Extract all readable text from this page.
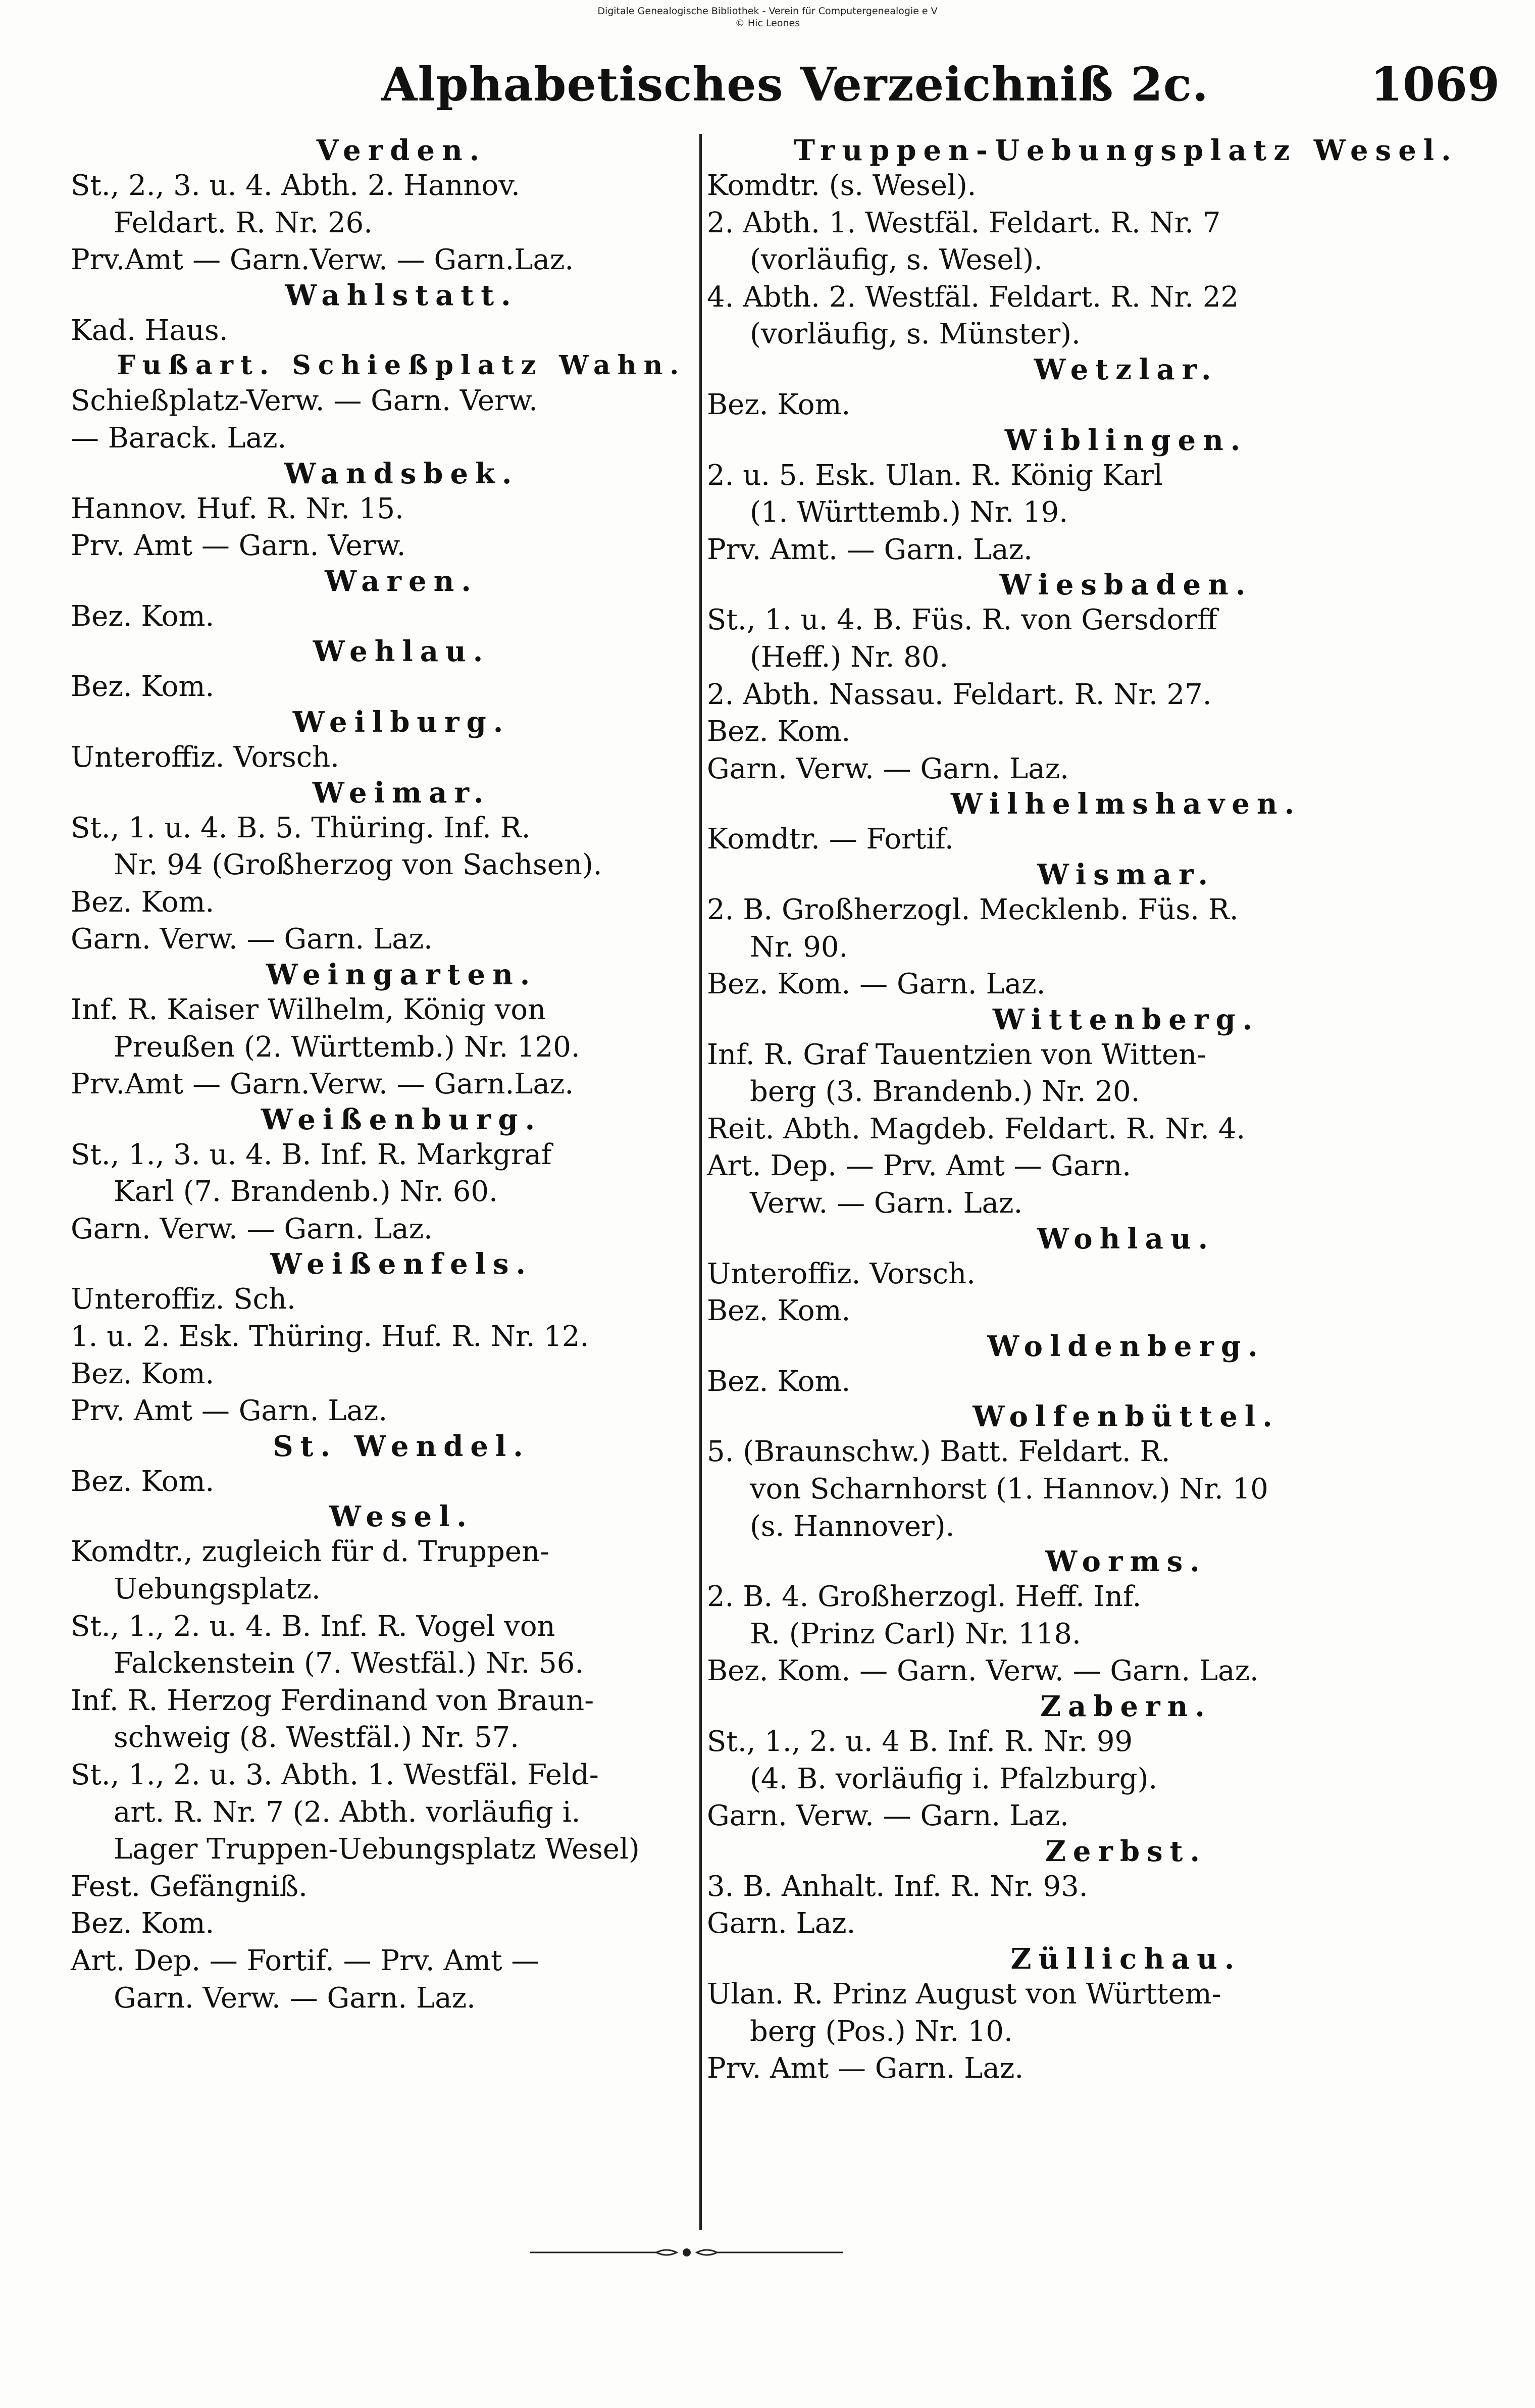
Digitale Genealogische Bibliothek - Verein für Computergenealogie e V
© Hic Leones
Alphabetisches Verzeichniß 2c.	1069
Verden.
St., 2., 3. u. 4. Abth. 2. Hannov.
Feldart. R. Nr. 26.
Prv.Amt — Garn.Verw. — Garn.Laz.
Wahlstatt.
Kad. Haus.
Fußart. Schießplatz Wahn.
Schießplatz-Verw. — Garn. Verw.
— Barack. Laz.
Wandsbek.
Hannov. Huf. R. Nr. 15.
Prv. Amt — Garn. Verw.
Waren.
Bez. Kom.
Wehlau.
Bez. Kom.
Weilburg.
Unteroffiz. Vorsch.
Weimar.
St., 1. u. 4. B. 5. Thüring. Inf. R.
Nr. 94 (Großherzog von Sachsen).
Bez. Kom.
Garn. Verw. — Garn. Laz.
Weingarten.
Inf. R. Kaiser Wilhelm, König von
Preußen (2. Württemb.) Nr. 120.
Prv.Amt — Garn.Verw. — Garn.Laz.
Weißenburg.
St., 1., 3. u. 4. B. Inf. R. Markgraf
Karl (7. Brandenb.) Nr. 60.
Garn. Verw. — Garn. Laz.
Weißenfels.
Unteroffiz. Sch.
1. u. 2. Esk. Thüring. Huf. R. Nr. 12.
Bez. Kom.
Prv. Amt — Garn. Laz.
St. Wendel.
Bez. Kom.
Wesel.
Komdtr., zugleich für d. Truppen-
Uebungsplatz.
St., 1., 2. u. 4. B. Inf. R. Vogel von
Falckenstein (7. Westfäl.) Nr. 56.
Inf. R. Herzog Ferdinand von Braun-
schweig (8. Westfäl.) Nr. 57.
St., 1., 2. u. 3. Abth. 1. Westfäl. Feld-
art. R. Nr. 7 (2. Abth. vorläufig i.
Lager Truppen-Uebungsplatz Wesel)
Fest. Gefängniß.
Bez. Kom.
Art. Dep. — Fortif. — Prv. Amt —
Garn. Verw. — Garn. Laz.
Truppen-Uebungsplatz Wesel.
Komdtr. (s. Wesel).
2. Abth. 1. Westfäl. Feldart. R. Nr. 7
(vorläufig, s. Wesel).
4. Abth. 2. Westfäl. Feldart. R. Nr. 22
(vorläufig, s. Münster).
Wetzlar.
Bez. Kom.
Wiblingen.
2. u. 5. Esk. Ulan. R. König Karl
(1. Württemb.) Nr. 19.
Prv. Amt. — Garn. Laz.
Wiesbaden.
St., 1. u. 4. B. Füs. R. von Gersdorff
(Heff.) Nr. 80.
2. Abth. Nassau. Feldart. R. Nr. 27.
Bez. Kom.
Garn. Verw. — Garn. Laz.
Wilhelmshaven.
Komdtr. — Fortif.
Wismar.
2. B. Großherzogl. Mecklenb. Füs. R.
Nr. 90.
Bez. Kom. — Garn. Laz.
Wittenberg.
Inf. R. Graf Tauentzien von Witten-
berg (3. Brandenb.) Nr. 20.
Reit. Abth. Magdeb. Feldart. R. Nr. 4.
Art. Dep. — Prv. Amt — Garn.
Verw. — Garn. Laz.
Wohlau.
Unteroffiz. Vorsch.
Bez. Kom.
Woldenberg.
Bez. Kom.
Wolfenbüttel.
5. (Braunschw.) Batt. Feldart. R.
von Scharnhorst (1. Hannov.) Nr. 10
(s. Hannover).
Worms.
2. B. 4. Großherzogl. Heff. Inf.
R. (Prinz Carl) Nr. 118.
Bez. Kom. — Garn. Verw. — Garn. Laz.
Zabern.
St., 1., 2. u. 4 B. Inf. R. Nr. 99
(4. B. vorläufig i. Pfalzburg).
Garn. Verw. — Garn. Laz.
Zerbst.
3. B. Anhalt. Inf. R. Nr. 93.
Garn. Laz.
Züllichau.
Ulan. R. Prinz August von Württem-
berg (Pos.) Nr. 10.
Prv. Amt — Garn. Laz.
